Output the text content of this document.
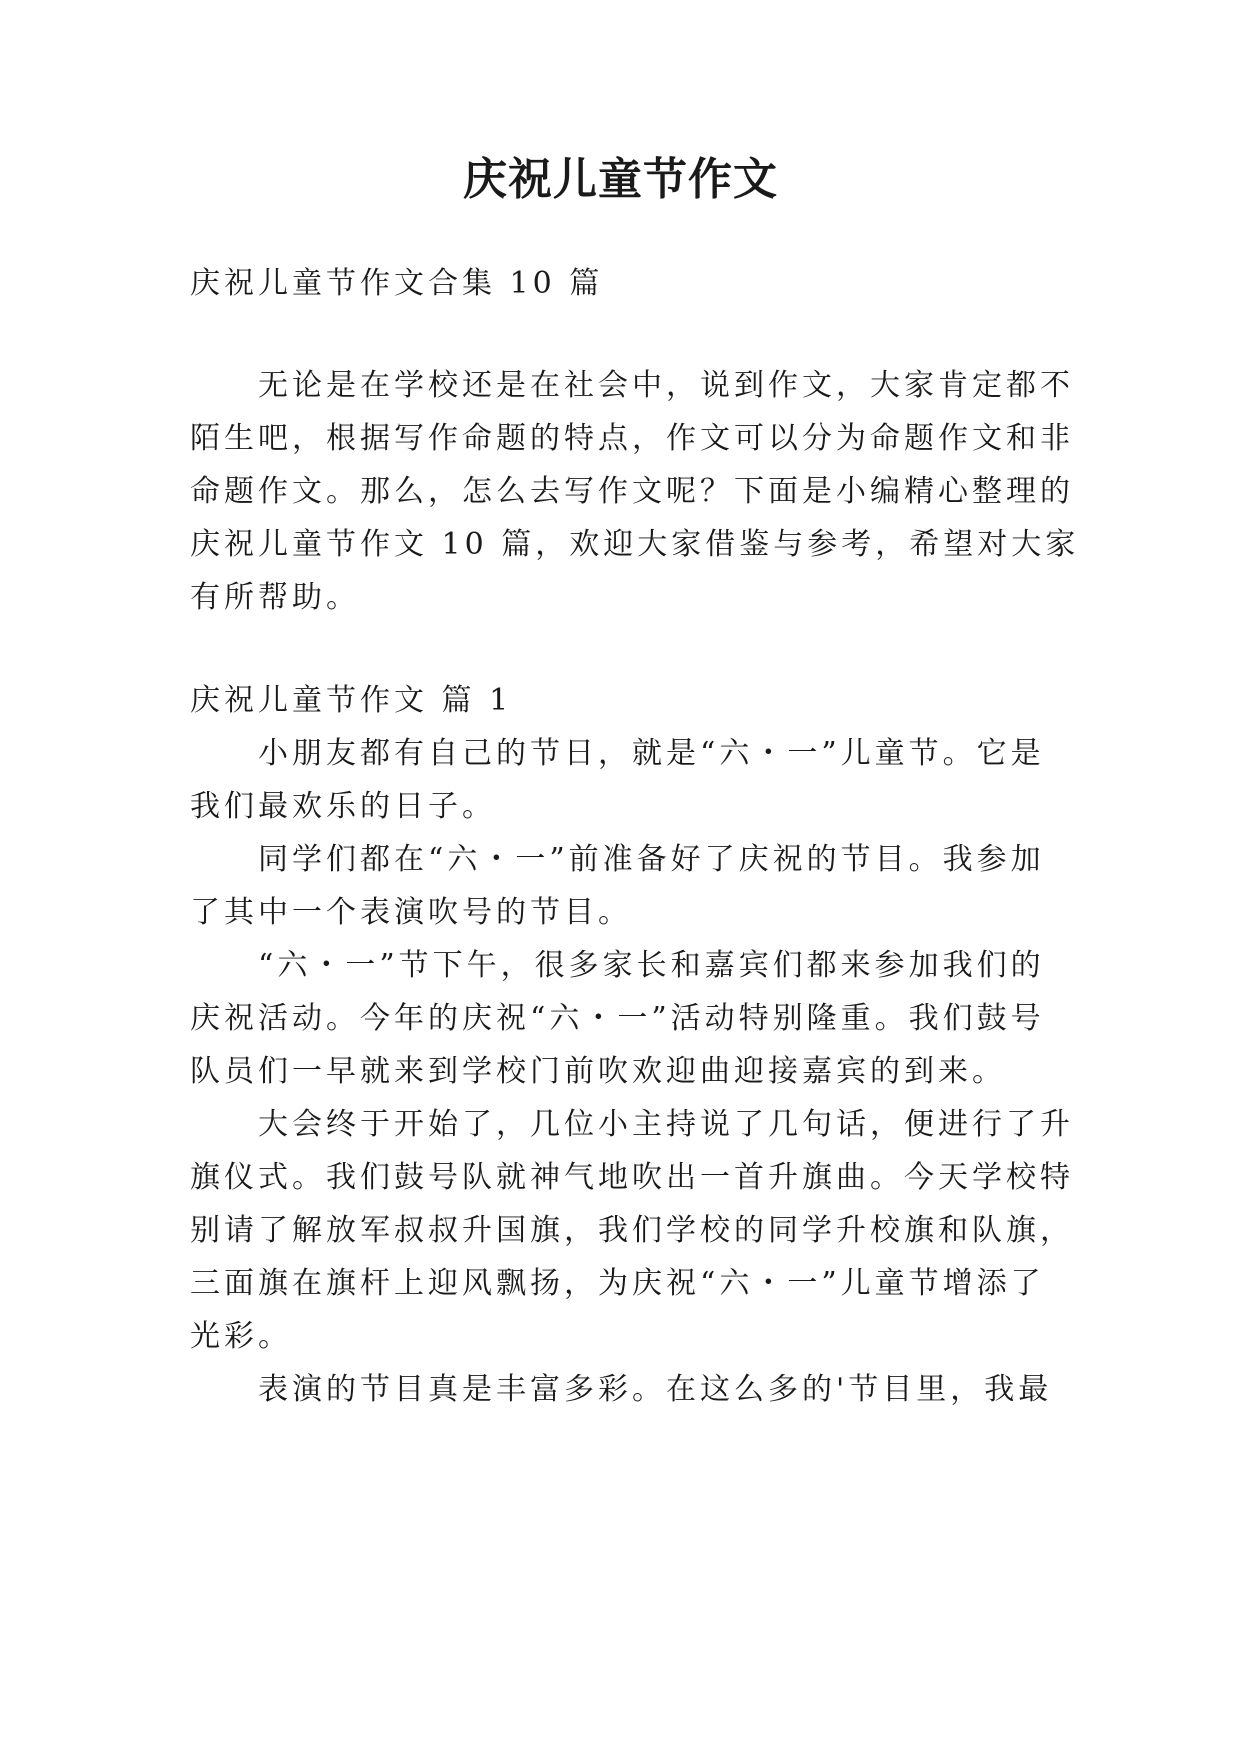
庆祝儿童节作文

庆祝儿童节作文合集 10 篇

无论是在学校还是在社会中，说到作文，大家肯定都不

陌生吧，根据写作命题的特点，作文可以分为命题作文和非

命题作文。那么，怎么去写作文呢？下面是小编精心整理的

庆祝儿童节作文 10 篇，欢迎大家借鉴与参考，希望对大家

有所帮助。

庆祝儿童节作文 篇 1

小朋友都有自己的节日，就是“六・一”儿童节。它是

我们最欢乐的日子。

同学们都在“六・一”前准备好了庆祝的节目。我参加

了其中一个表演吹号的节目。

“六・一”节下午，很多家长和嘉宾们都来参加我们的

庆祝活动。今年的庆祝“六・一”活动特别隆重。我们鼓号

队员们一早就来到学校门前吹欢迎曲迎接嘉宾的到来。

大会终于开始了，几位小主持说了几句话，便进行了升

旗仪式。我们鼓号队就神气地吹出一首升旗曲。今天学校特

别请了解放军叔叔升国旗，我们学校的同学升校旗和队旗，

三面旗在旗杆上迎风飘扬，为庆祝“六・一”儿童节增添了

光彩。

表演的节目真是丰富多彩。在这么多的'节目里，我最
